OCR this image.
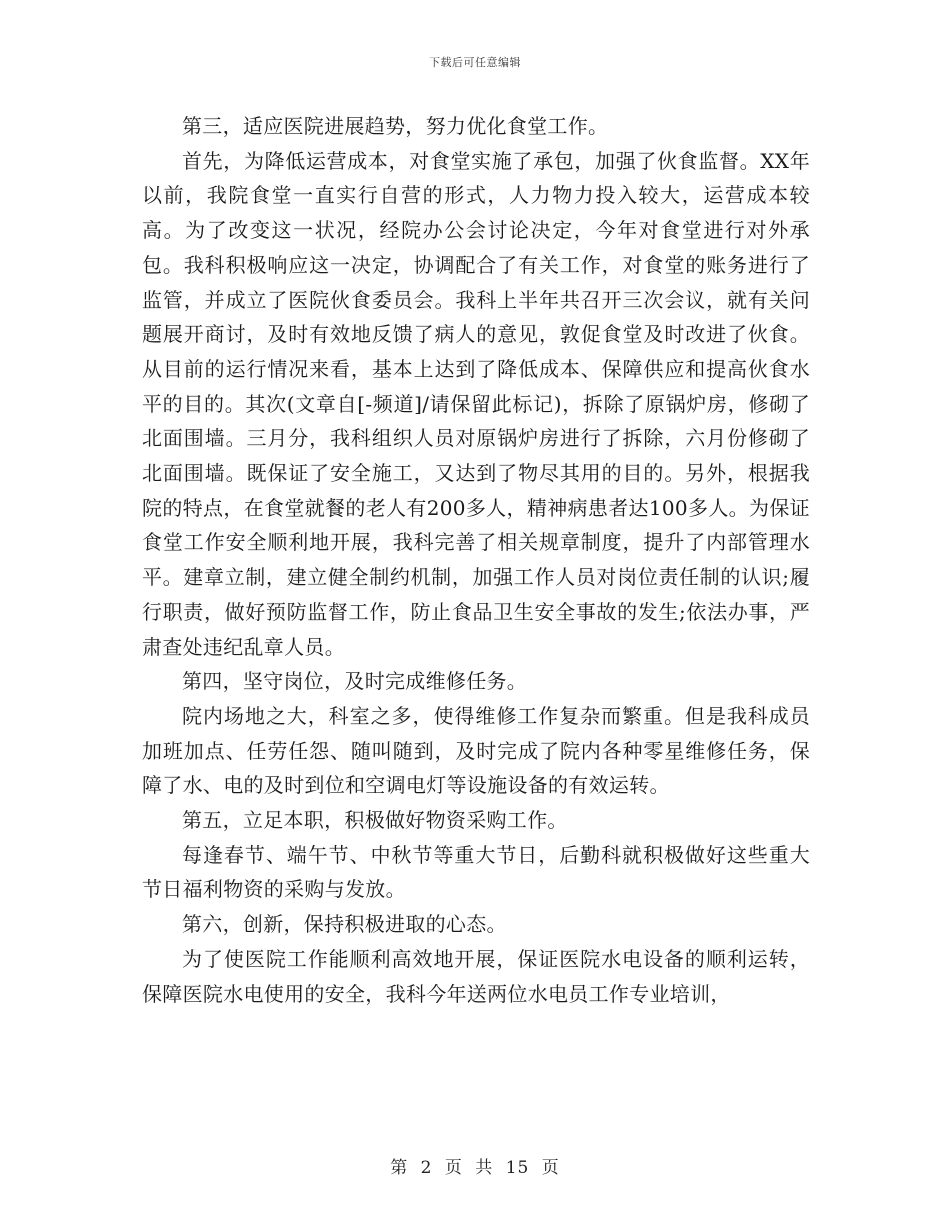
下载后可任意编辑

第三，适应医院进展趋势，努力优化食堂工作。

首先，为降低运营成本，对食堂实施了承包，加强了伙食监督。XX年以前，我院食堂一直实行自营的形式，人力物力投入较大，运营成本较高。为了改变这一状况，经院办公会讨论决定，今年对食堂进行对外承包。我科积极响应这一决定，协调配合了有关工作，对食堂的账务进行了监管，并成立了医院伙食委员会。我科上半年共召开三次会议，就有关问题展开商讨，及时有效地反馈了病人的意见，敦促食堂及时改进了伙食。从目前的运行情况来看，基本上达到了降低成本、保障供应和提高伙食水平的目的。其次(文章自[-频道]/请保留此标记)，拆除了原锅炉房，修砌了北面围墙。三月分，我科组织人员对原锅炉房进行了拆除，六月份修砌了北面围墙。既保证了安全施工，又达到了物尽其用的目的。另外，根据我院的特点，在食堂就餐的老人有200多人，精神病患者达100多人。为保证食堂工作安全顺利地开展，我科完善了相关规章制度，提升了内部管理水平。建章立制，建立健全制约机制，加强工作人员对岗位责任制的认识;履行职责，做好预防监督工作，防止食品卫生安全事故的发生;依法办事，严肃查处违纪乱章人员。

第四，坚守岗位，及时完成维修任务。

院内场地之大，科室之多，使得维修工作复杂而繁重。但是我科成员加班加点、任劳任怨、随叫随到，及时完成了院内各种零星维修任务，保障了水、电的及时到位和空调电灯等设施设备的有效运转。

第五，立足本职，积极做好物资采购工作。

每逢春节、端午节、中秋节等重大节日，后勤科就积极做好这些重大节日福利物资的采购与发放。

第六，创新，保持积极进取的心态。

为了使医院工作能顺利高效地开展，保证医院水电设备的顺利运转，保障医院水电使用的安全，我科今年送两位水电员工作专业培训，

第 2 页 共 15 页
